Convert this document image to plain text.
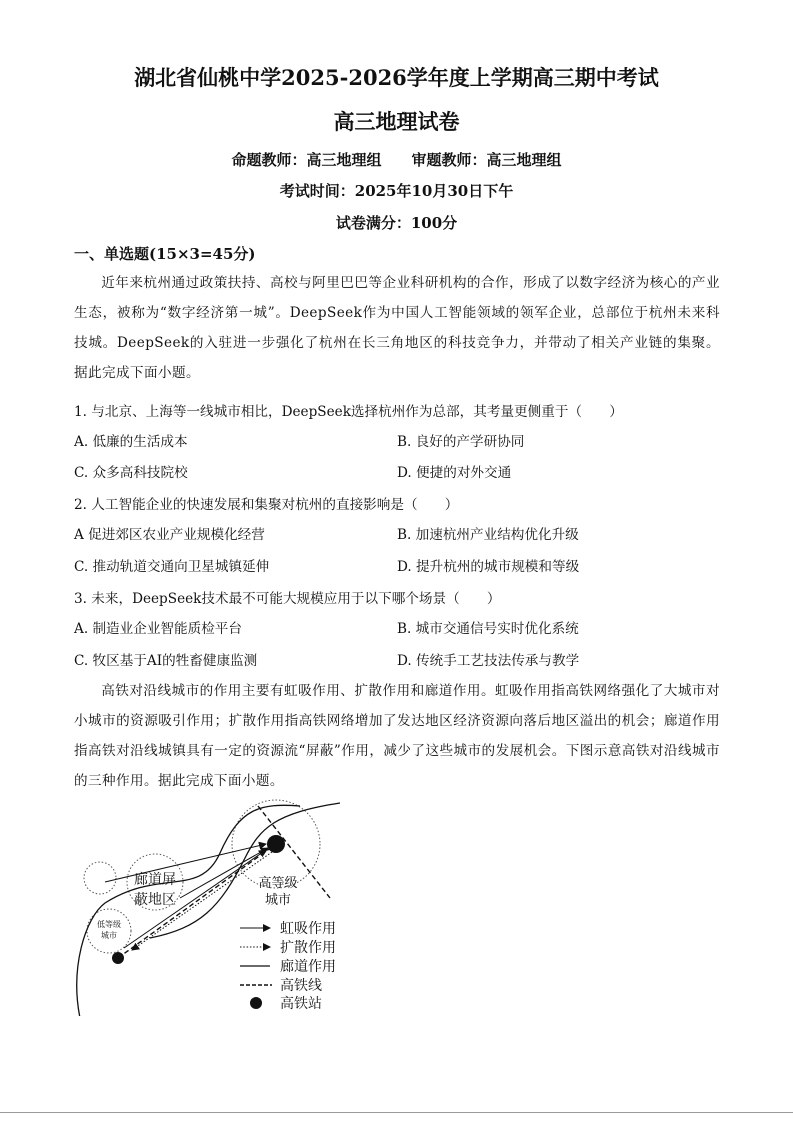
湖北省仙桃中学2025-2026学年度上学期高三期中考试
高三地理试卷
命题教师：高三地理组　　审题教师：高三地理组
考试时间：2025年10月30日下午
试卷满分：100分
一、单选题(15×3=45分)
近年来杭州通过政策扶持、高校与阿里巴巴等企业科研机构的合作，形成了以数字经济为核心的产业生态，被称为“数字经济第一城”。DeepSeek作为中国人工智能领域的领军企业，总部位于杭州未来科技城。DeepSeek的入驻进一步强化了杭州在长三角地区的科技竞争力，并带动了相关产业链的集聚。据此完成下面小题。
1. 与北京、上海等一线城市相比，DeepSeek选择杭州作为总部，其考量更侧重于（　　）
A. 低廉的生活成本	B. 良好的产学研协同
C. 众多高科技院校	D. 便捷的对外交通
2. 人工智能企业的快速发展和集聚对杭州的直接影响是（　　）
A 促进郊区农业产业规模化经营	B. 加速杭州产业结构优化升级
C. 推动轨道交通向卫星城镇延伸	D. 提升杭州的城市规模和等级
3. 未来，DeepSeek技术最不可能大规模应用于以下哪个场景（　　）
A. 制造业企业智能质检平台	B. 城市交通信号实时优化系统
C. 牧区基于AI的牲畜健康监测	D. 传统手工艺技法传承与教学
高铁对沿线城市的作用主要有虹吸作用、扩散作用和廊道作用。虹吸作用指高铁网络强化了大城市对小城市的资源吸引作用；扩散作用指高铁网络增加了发达地区经济资源向落后地区溢出的机会；廊道作用指高铁对沿线城镇具有一定的资源流“屏蔽”作用，减少了这些城市的发展机会。下图示意高铁对沿线城市的三种作用。据此完成下面小题。
廊道屏
蔽地区
高等级
城市
低等级
城市	虹吸作用
扩散作用
廊道作用
高铁线
高铁站
